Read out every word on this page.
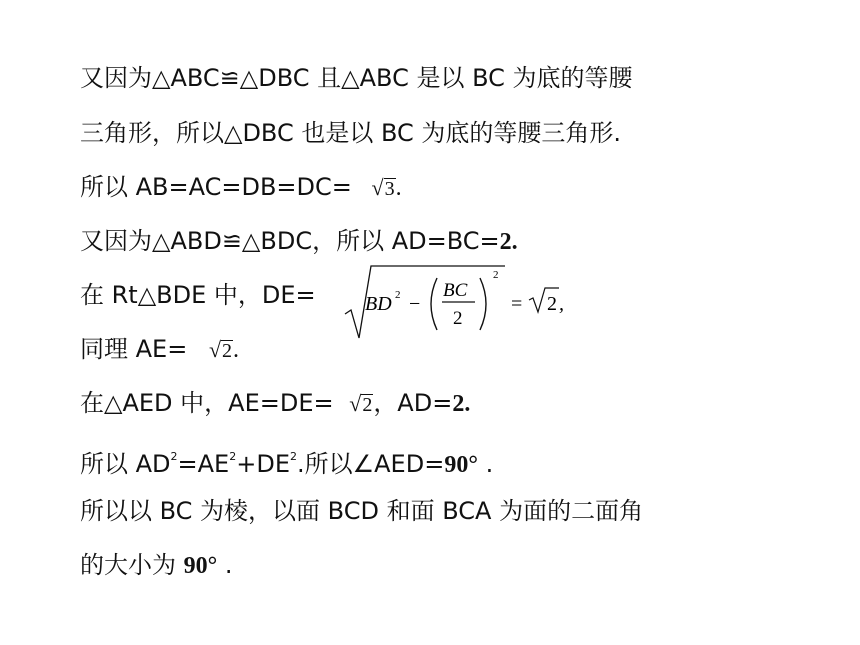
又因为△ABC≌△DBC 且△ABC 是以 BC 为底的等腰
三角形，所以△DBC 也是以 BC 为底的等腰三角形.
所以 AB=AC=DB=DC= √3.
又因为△ABD≌△BDC，所以 AD=BC=2.
在 Rt△BDE 中，DE= BD 2 −
BC
2
2
= 2 ,
同理 AE= √2.
在△AED 中，AE=DE= √2，AD=2.
所以 $AD^2=AE^2+DE^2$.所以∠AED=90° .
所以以 BC 为棱，以面 BCD 和面 BCA 为面的二面角
的大小为 90° .
